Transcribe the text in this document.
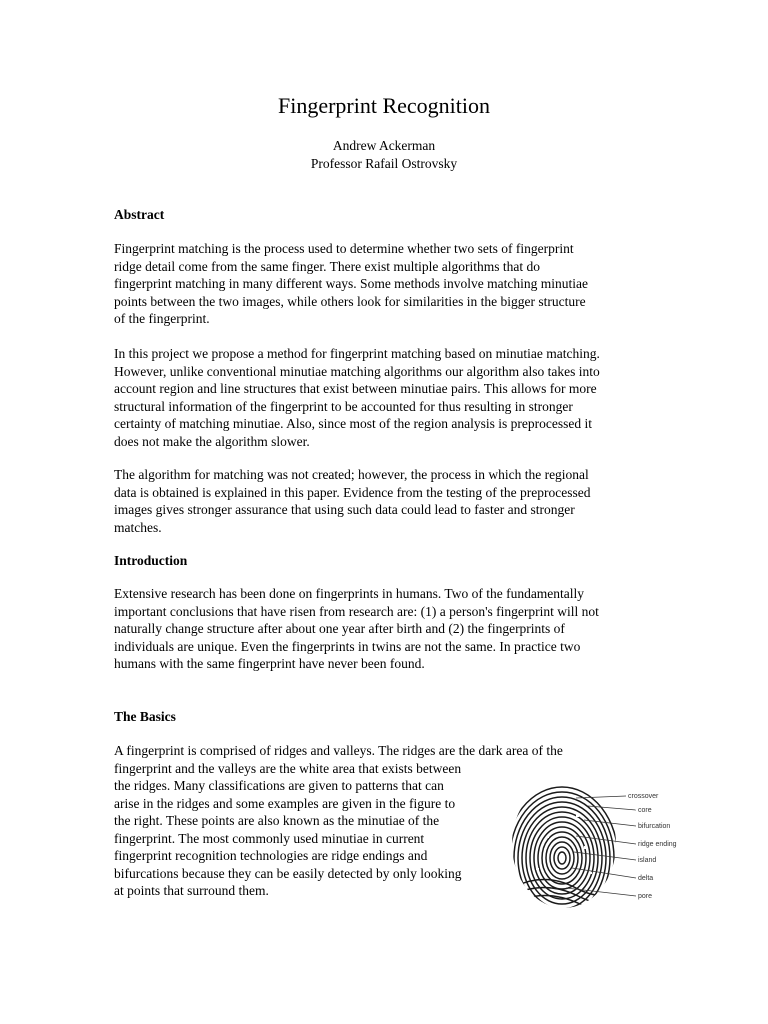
Fingerprint Recognition
Andrew Ackerman
Professor Rafail Ostrovsky
Abstract
Fingerprint matching is the process used to determine whether two sets of fingerprint
ridge detail come from the same finger. There exist multiple algorithms that do
fingerprint matching in many different ways. Some methods involve matching minutiae
points between the two images, while others look for similarities in the bigger structure
of the fingerprint.
In this project we propose a method for fingerprint matching based on minutiae matching.
However, unlike conventional minutiae matching algorithms our algorithm also takes into
account region and line structures that exist between minutiae pairs. This allows for more
structural information of the fingerprint to be accounted for thus resulting in stronger
certainty of matching minutiae. Also, since most of the region analysis is preprocessed it
does not make the algorithm slower.
The algorithm for matching was not created; however, the process in which the regional
data is obtained is explained in this paper. Evidence from the testing of the preprocessed
images gives stronger assurance that using such data could lead to faster and stronger
matches.
Introduction
Extensive research has been done on fingerprints in humans. Two of the fundamentally
important conclusions that have risen from research are: (1) a person's fingerprint will not
naturally change structure after about one year after birth and (2) the fingerprints of
individuals are unique. Even the fingerprints in twins are not the same. In practice two
humans with the same fingerprint have never been found.
The Basics
A fingerprint is comprised of ridges and valleys. The ridges are the dark area of the
fingerprint and the valleys are the white area that exists between
the ridges. Many classifications are given to patterns that can
arise in the ridges and some examples are given in the figure to
the right. These points are also known as the minutiae of the
fingerprint. The most commonly used minutiae in current
fingerprint recognition technologies are ridge endings and
bifurcations because they can be easily detected by only looking
at points that surround them.
crossover
core
bifurcation
ridge ending
island
delta
pore
